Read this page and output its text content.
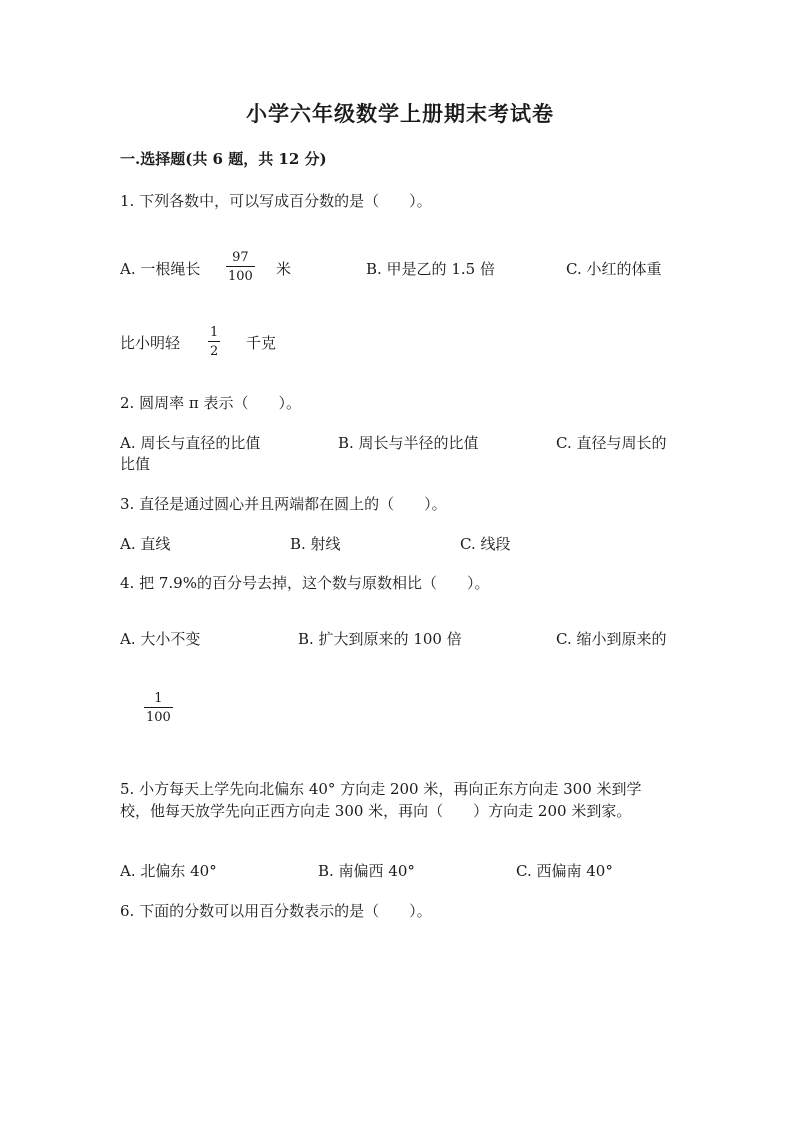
小学六年级数学上册期末考试卷
一.选择题(共 6 题，共 12 分)
1. 下列各数中，可以写成百分数的是（　　）。
A. 一根绳长
97
100 米	B. 甲是乙的 1.5 倍	C. 小红的体重
比小明轻
1
2 千克
2. 圆周率 π 表示（　　）。
A. 周长与直径的比值	B. 周长与半径的比值	C. 直径与周长的
比值
3. 直径是通过圆心并且两端都在圆上的（　　）。
A. 直线	B. 射线	C. 线段
4. 把 7.9%的百分号去掉，这个数与原数相比（　　）。
A. 大小不变	B. 扩大到原来的 100 倍	C. 缩小到原来的
1
100
5. 小方每天上学先向北偏东 40° 方向走 200 米，再向正东方向走 300 米到学
校，他每天放学先向正西方向走 300 米，再向（　　）方向走 200 米到家。
A. 北偏东 40°	B. 南偏西 40°	C. 西偏南 40°
6. 下面的分数可以用百分数表示的是（　　）。
